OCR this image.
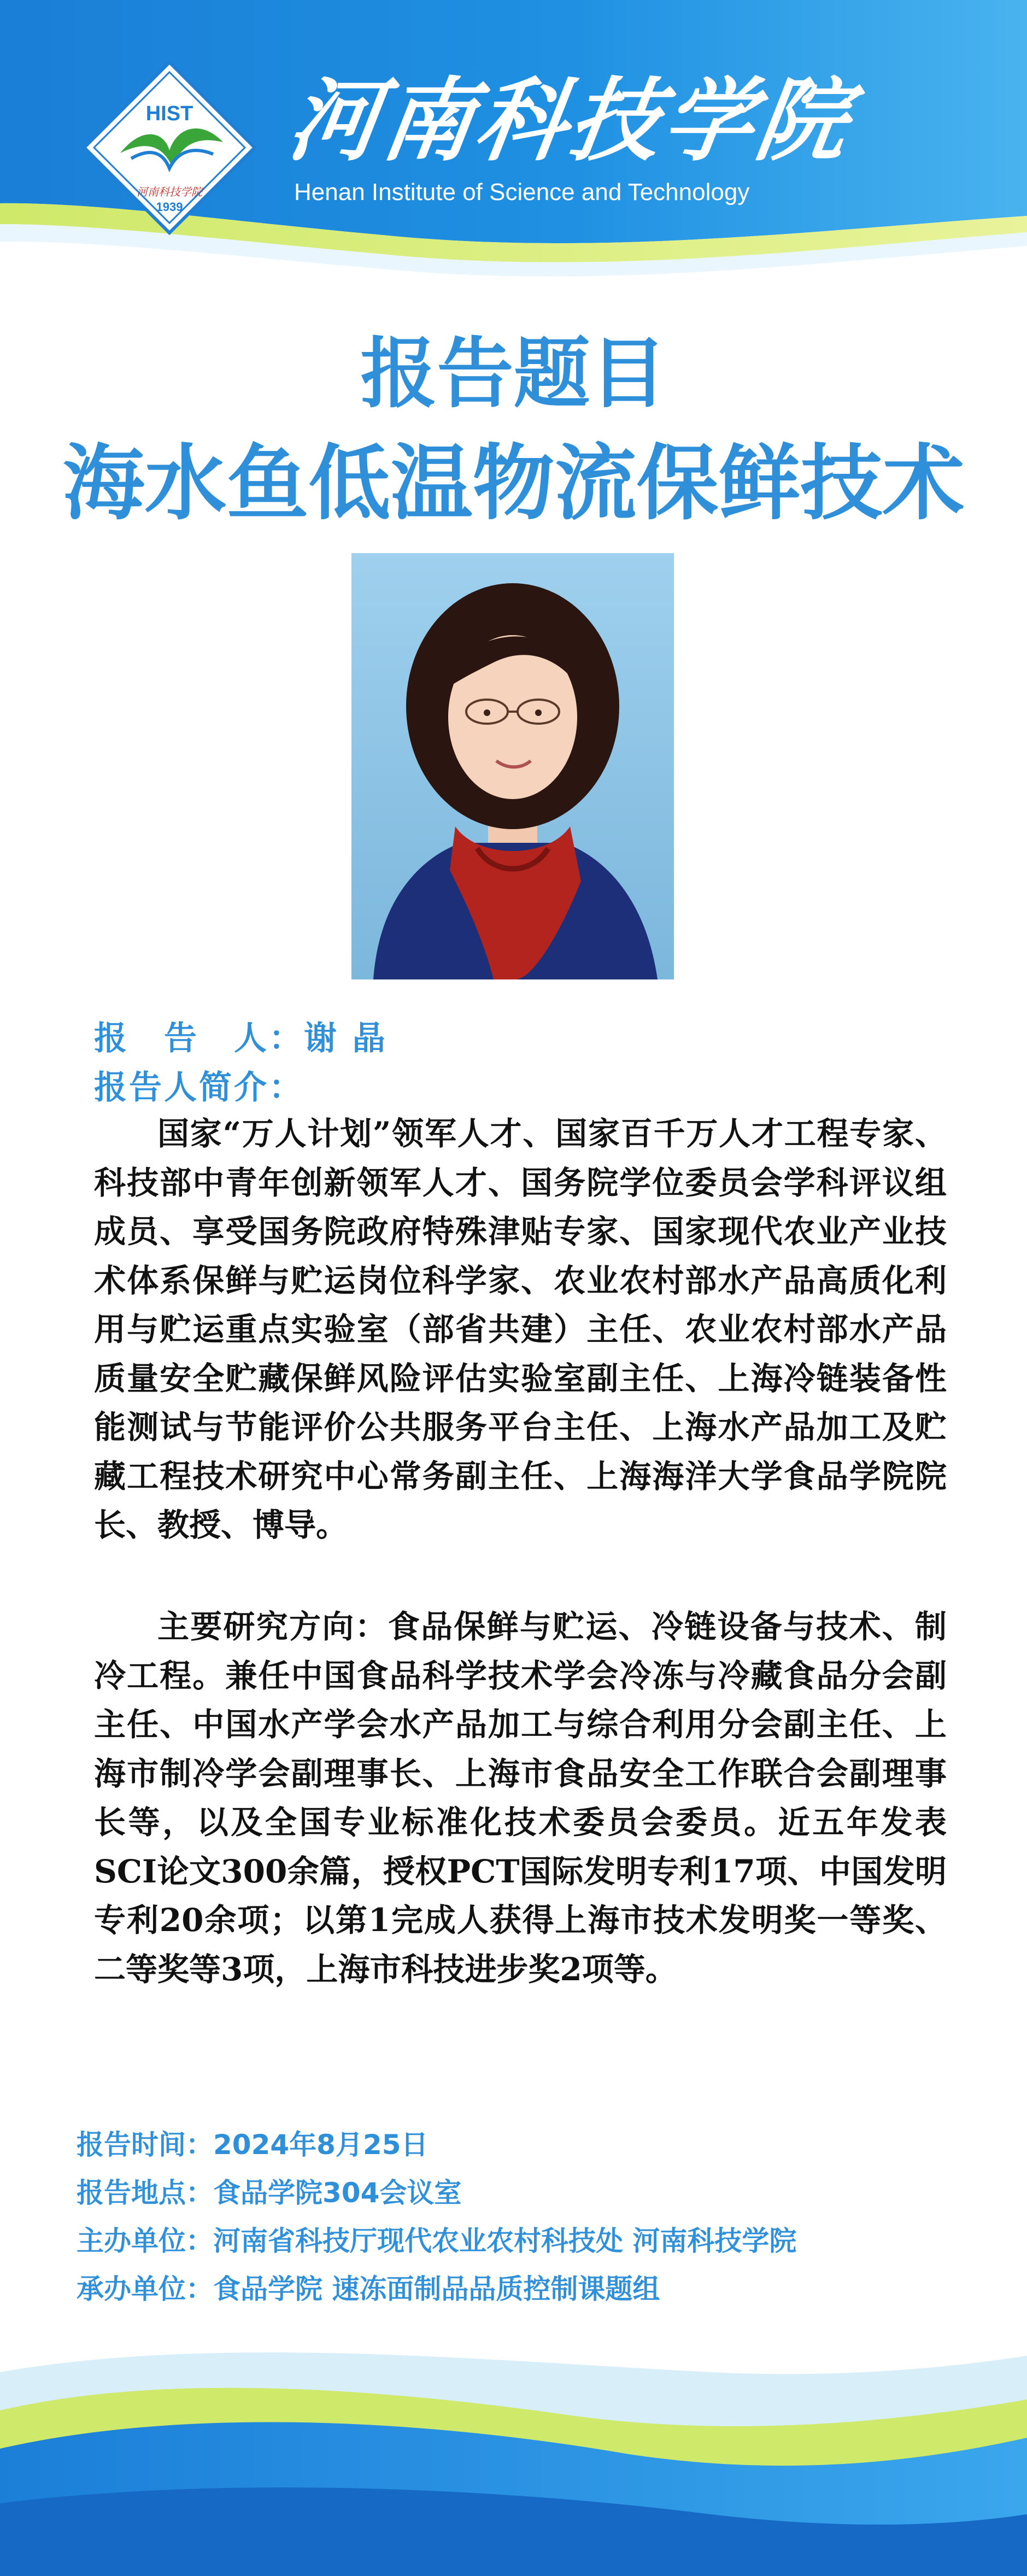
HIST
河南科技学院
1939
河南科技学院
Henan Institute of Science and Technology
报告题目
海水鱼低温物流保鲜技术
报　告　人：谢 晶
报告人简介：

国家“万人计划”领军人才、国家百千万人才工程专家、科技部中青年创新领军人才、国务院学位委员会学科评议组成员、享受国务院政府特殊津贴专家、国家现代农业产业技术体系保鲜与贮运岗位科学家、农业农村部水产品高质化利用与贮运重点实验室（部省共建）主任、农业农村部水产品质量安全贮藏保鲜风险评估实验室副主任、上海冷链装备性能测试与节能评价公共服务平台主任、上海水产品加工及贮藏工程技术研究中心常务副主任、上海海洋大学食品学院院长、教授、博导。

主要研究方向：食品保鲜与贮运、冷链设备与技术、制冷工程。兼任中国食品科学技术学会冷冻与冷藏食品分会副主任、中国水产学会水产品加工与综合利用分会副主任、上海市制冷学会副理事长、上海市食品安全工作联合会副理事长等，以及全国专业标准化技术委员会委员。近五年发表SCI论文300余篇，授权PCT国际发明专利17项、中国发明专利20余项；以第1完成人获得上海市技术发明奖一等奖、二等奖等3项，上海市科技进步奖2项等。

报告时间：2024年8月25日
报告地点：食品学院304会议室
主办单位：河南省科技厅现代农业农村科技处 河南科技学院
承办单位：食品学院 速冻面制品品质控制课题组
